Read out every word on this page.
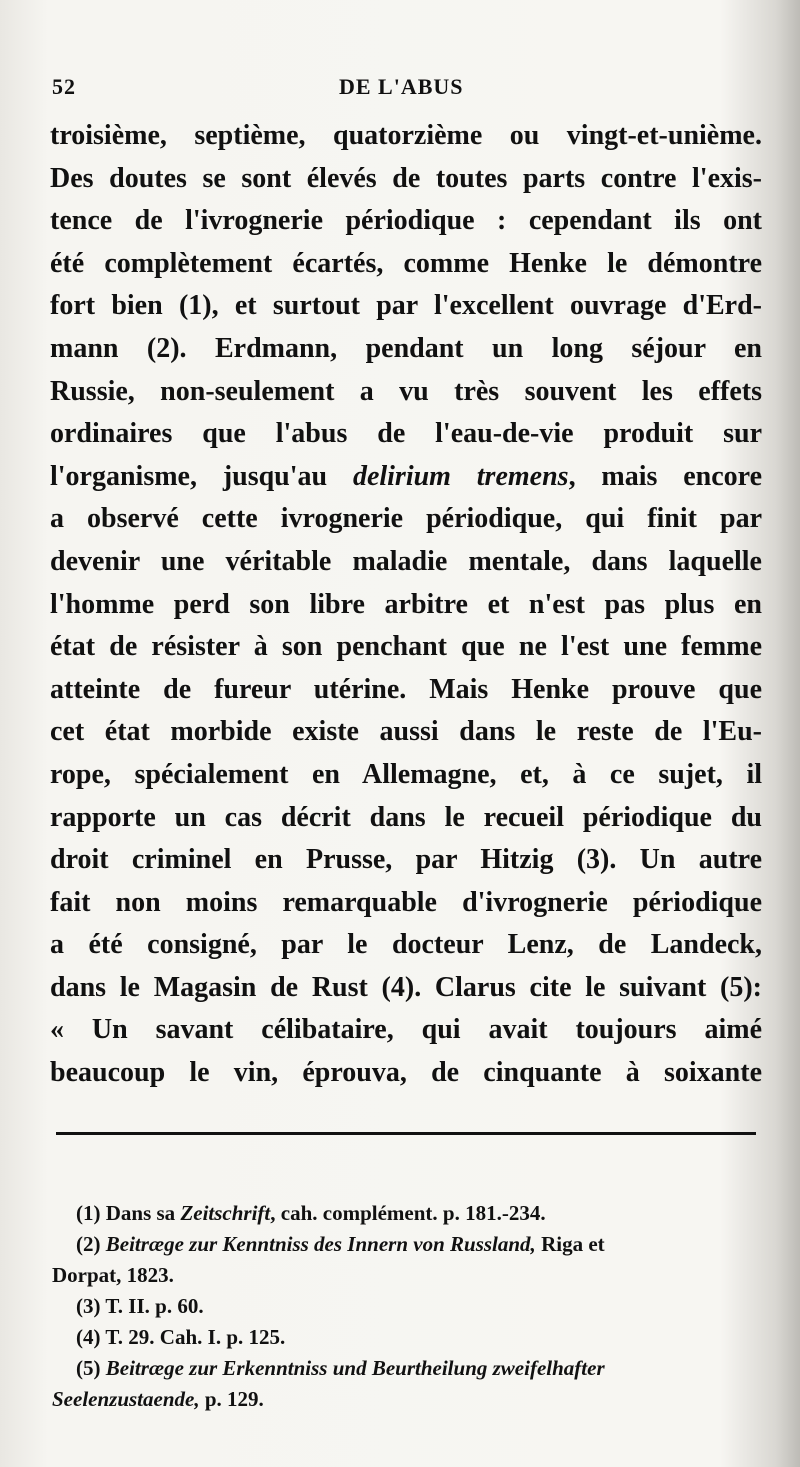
52	DE L'ABUS
troisième, septième, quatorzième ou vingt-et-unième.
Des doutes se sont élevés de toutes parts contre l'exis-
tence de l'ivrognerie périodique : cependant ils ont
été complètement écartés, comme Henke le démontre
fort bien (1), et surtout par l'excellent ouvrage d'Erd-
mann (2). Erdmann, pendant un long séjour en
Russie, non-seulement a vu très souvent les effets
ordinaires que l'abus de l'eau-de-vie produit sur
l'organisme, jusqu'au delirium tremens, mais encore
a observé cette ivrognerie périodique, qui finit par
devenir une véritable maladie mentale, dans laquelle
l'homme perd son libre arbitre et n'est pas plus en
état de résister à son penchant que ne l'est une femme
atteinte de fureur utérine. Mais Henke prouve que
cet état morbide existe aussi dans le reste de l'Eu-
rope, spécialement en Allemagne, et, à ce sujet, il
rapporte un cas décrit dans le recueil périodique du
droit criminel en Prusse, par Hitzig (3). Un autre
fait non moins remarquable d'ivrognerie périodique
a été consigné, par le docteur Lenz, de Landeck,
dans le Magasin de Rust (4). Clarus cite le suivant (5):
« Un savant célibataire, qui avait toujours aimé
beaucoup le vin, éprouva, de cinquante à soixante
(1) Dans sa Zeitschrift, cah. complément. p. 181.-234.
(2) Beitræge zur Kenntniss des Innern von Russland, Riga et
Dorpat, 1823.
(3) T. II. p. 60.
(4) T. 29. Cah. I. p. 125.
(5) Beitræge zur Erkenntniss und Beurtheilung zweifelhafter
Seelenzustaende, p. 129.
